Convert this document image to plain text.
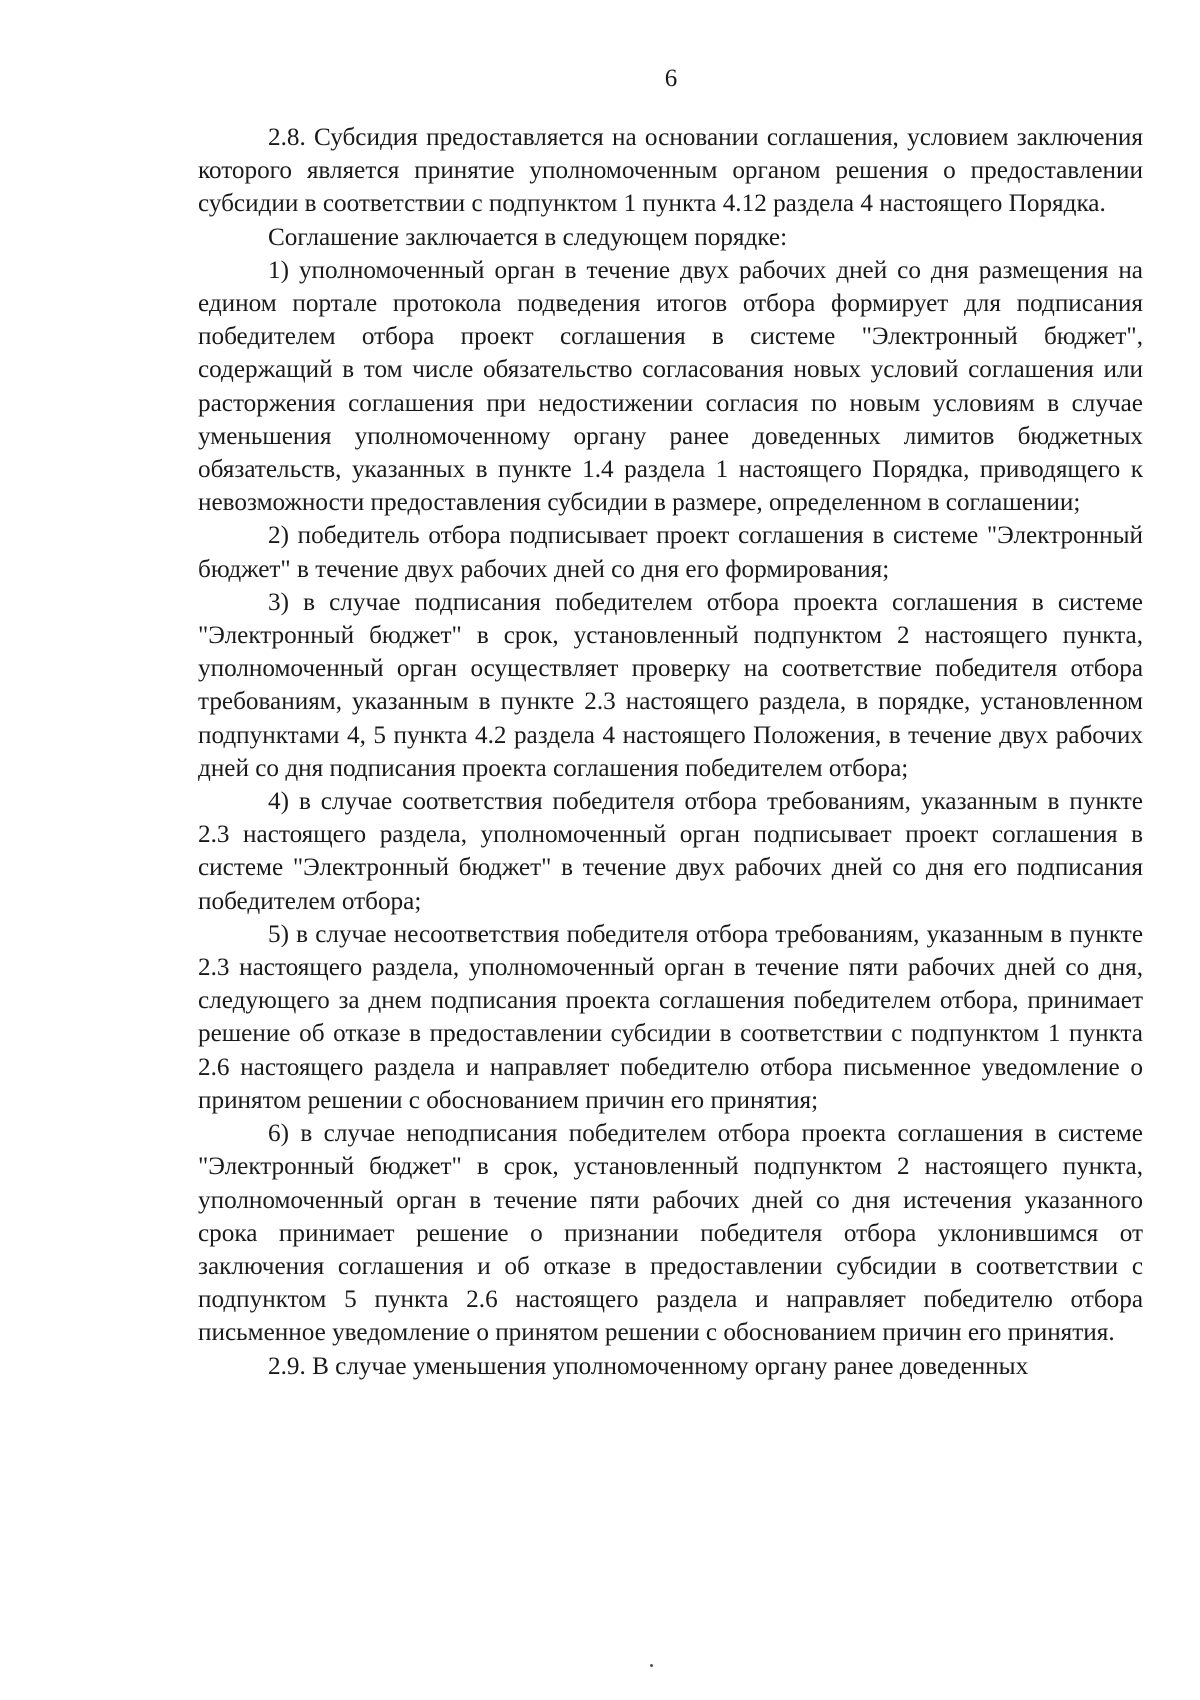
6

2.8. Субсидия предоставляется на основании соглашения, условием заключения которого является принятие уполномоченным органом решения о предоставлении субсидии в соответствии с подпунктом 1 пункта 4.12 раздела 4 настоящего Порядка.

Соглашение заключается в следующем порядке:

1) уполномоченный орган в течение двух рабочих дней со дня размещения на едином портале протокола подведения итогов отбора формирует для подписания победителем отбора проект соглашения в системе "Электронный бюджет", содержащий в том числе обязательство согласования новых условий соглашения или расторжения соглашения при недостижении согласия по новым условиям в случае уменьшения уполномоченному органу ранее доведенных лимитов бюджетных обязательств, указанных в пункте 1.4 раздела 1 настоящего Порядка, приводящего к невозможности предоставления субсидии в размере, определенном в соглашении;

2) победитель отбора подписывает проект соглашения в системе "Электронный бюджет" в течение двух рабочих дней со дня его формирования;

3) в случае подписания победителем отбора проекта соглашения в системе "Электронный бюджет" в срок, установленный подпунктом 2 настоящего пункта, уполномоченный орган осуществляет проверку на соответствие победителя отбора требованиям, указанным в пункте 2.3 настоящего раздела, в порядке, установленном подпунктами 4, 5 пункта 4.2 раздела 4 настоящего Положения, в течение двух рабочих дней со дня подписания проекта соглашения победителем отбора;

4) в случае соответствия победителя отбора требованиям, указанным в пункте 2.3 настоящего раздела, уполномоченный орган подписывает проект соглашения в системе "Электронный бюджет" в течение двух рабочих дней со дня его подписания победителем отбора;

5) в случае несоответствия победителя отбора требованиям, указанным в пункте 2.3 настоящего раздела, уполномоченный орган в течение пяти рабочих дней со дня, следующего за днем подписания проекта соглашения победителем отбора, принимает решение об отказе в предоставлении субсидии в соответствии с подпунктом 1 пункта 2.6 настоящего раздела и направляет победителю отбора письменное уведомление о принятом решении с обоснованием причин его принятия;

6) в случае неподписания победителем отбора проекта соглашения в системе "Электронный бюджет" в срок, установленный подпунктом 2 настоящего пункта, уполномоченный орган в течение пяти рабочих дней со дня истечения указанного срока принимает решение о признании победителя отбора уклонившимся от заключения соглашения и об отказе в предоставлении субсидии в соответствии с подпунктом 5 пункта 2.6 настоящего раздела и направляет победителю отбора письменное уведомление о принятом решении с обоснованием причин его принятия.

2.9. В случае уменьшения уполномоченному органу ранее доведенных
